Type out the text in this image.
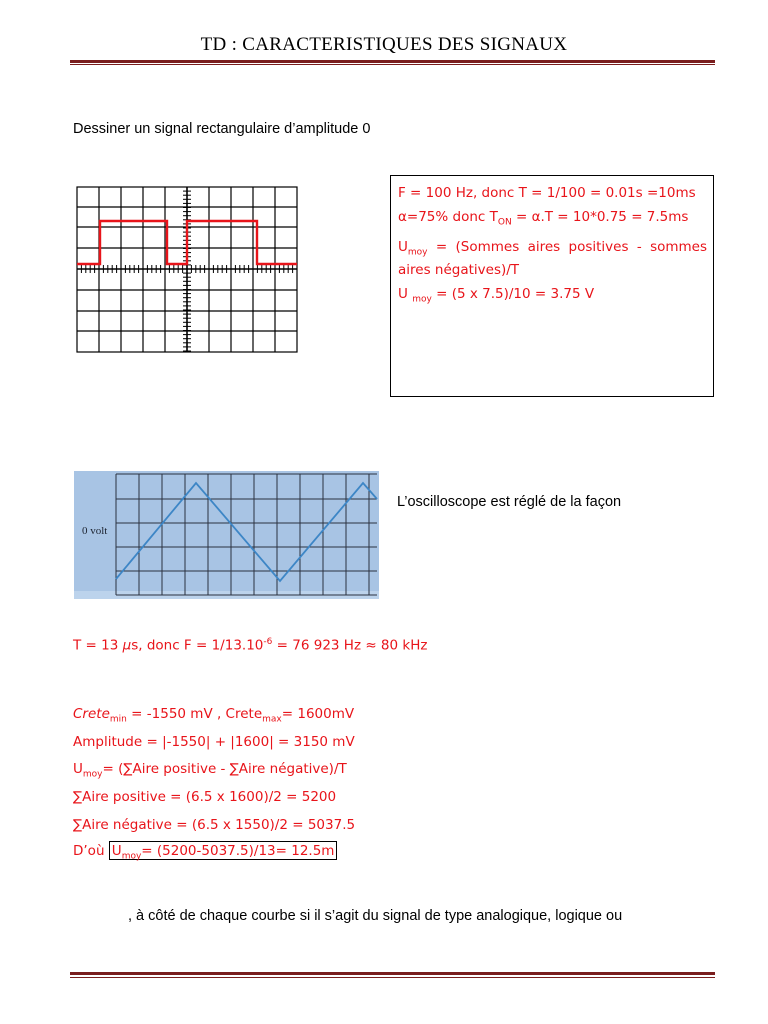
TD : CARACTERISTIQUES DES SIGNAUX
Dessiner un signal rectangulaire d’amplitude 0
F = 100 Hz, donc T = 1/100 = 0.01s =10ms
α=75% donc $T_{ON} = \alpha.T = 10*0.75 = 7.5ms$
$U_{moy}$ = (Sommes aires positives - sommes aires négatives)/T
U $_{moy}$ = (5 x 7.5)/10 = 3.75 V
0 volt
L’oscilloscope est réglé de la façon
T = 13 μs, donc $F = 1/13.10^{-6} = 76$ 923 Hz ≈ 80 kHz
Crete$_{min}$ = -1550 mV , Crete$_{max}$= 1600mV
Amplitude = |-1550| + |1600| = 3150 mV
$U_{moy}=$ (∑Aire positive - ∑Aire négative)/T
∑Aire positive = (6.5 x 1600)/2 = 5200
∑Aire négative = (6.5 x 1550)/2 = 5037.5
D’où $U_{moy}= (5200-5037.5)/13= 12.5m$
, à côté de chaque courbe si il s’agit du signal de type analogique, logique ou
